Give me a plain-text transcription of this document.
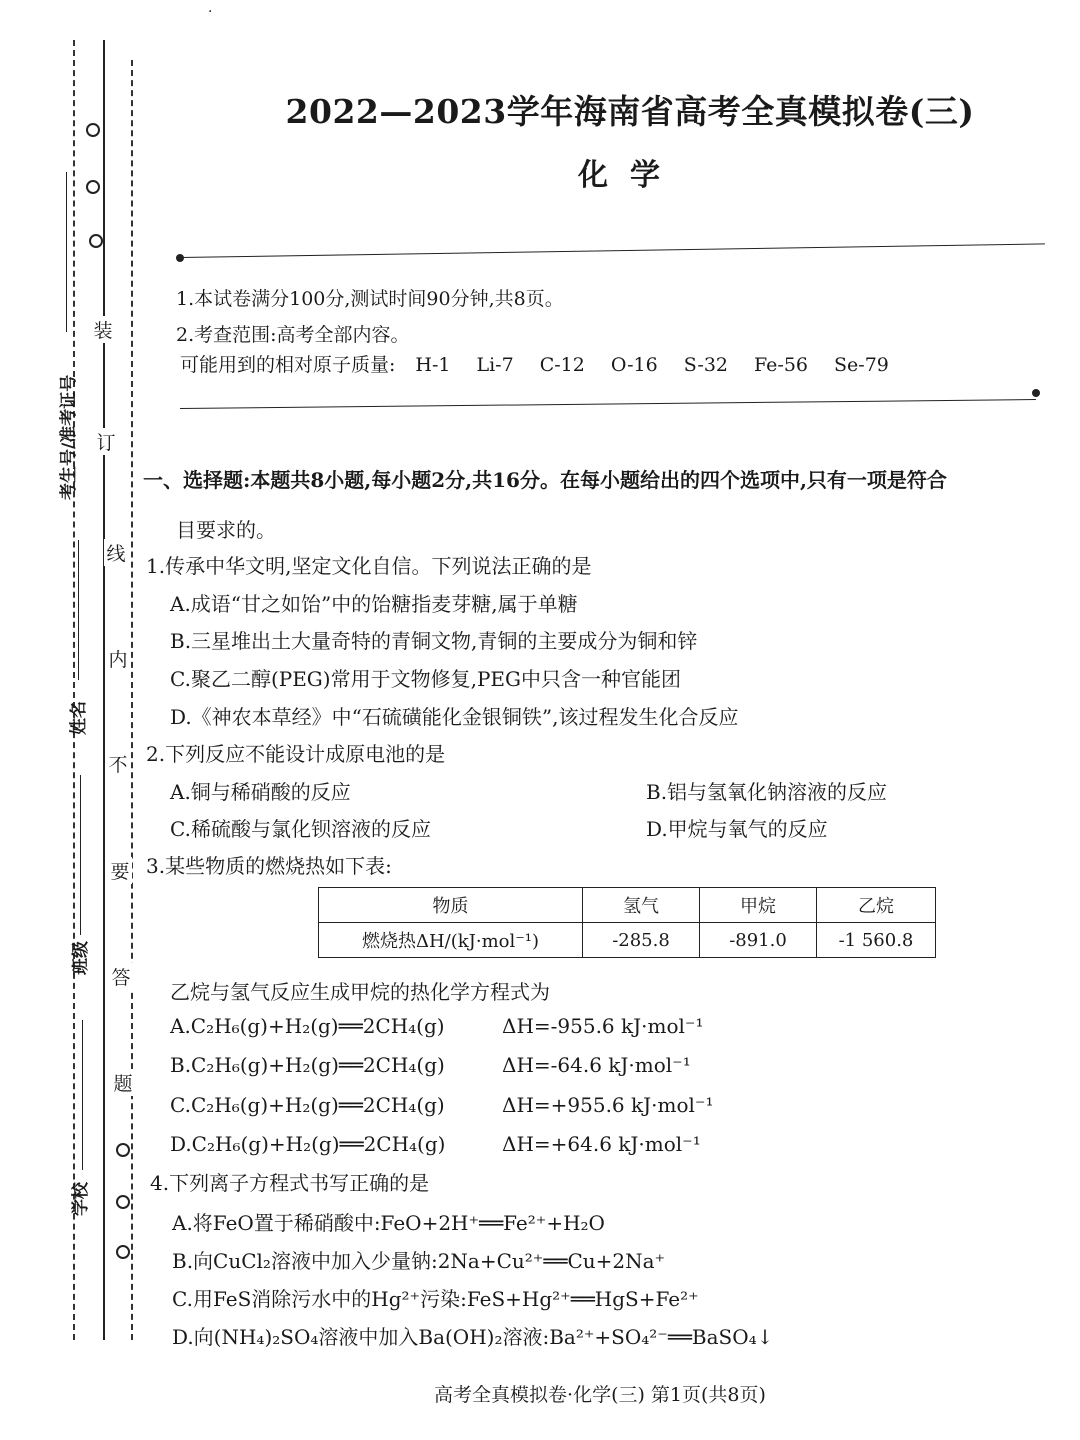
·
装
订
线
内
不
要
答
题
考生号/准考证号
姓名
班级
学校
2022—2023学年海南省高考全真模拟卷(三)
化学
1.本试卷满分100分,测试时间90分钟,共8页。
2.考查范围:高考全部内容。
可能用到的相对原子质量: H-1 Li-7 C-12 O-16 S-32 Fe-56 Se-79
一、选择题:本题共8小题,每小题2分,共16分。在每小题给出的四个选项中,只有一项是符合
目要求的。
1.传承中华文明,坚定文化自信。下列说法正确的是
A.成语“甘之如饴”中的饴糖指麦芽糖,属于单糖
B.三星堆出土大量奇特的青铜文物,青铜的主要成分为铜和锌
C.聚乙二醇(PEG)常用于文物修复,PEG中只含一种官能团
D.《神农本草经》中“石硫磺能化金银铜铁”,该过程发生化合反应
2.下列反应不能设计成原电池的是
A.铜与稀硝酸的反应	B.铝与氢氧化钠溶液的反应
C.稀硫酸与氯化钡溶液的反应	D.甲烷与氧气的反应
3.某些物质的燃烧热如下表:
物质	氢气	甲烷	乙烷
燃烧热ΔH/(kJ·mol⁻¹)	-285.8	-891.0	-1 560.8
乙烷与氢气反应生成甲烷的热化学方程式为
A.C₂H₆(g)+H₂(g)══2CH₄(g)	ΔH=-955.6 kJ·mol⁻¹
B.C₂H₆(g)+H₂(g)══2CH₄(g)	ΔH=-64.6 kJ·mol⁻¹
C.C₂H₆(g)+H₂(g)══2CH₄(g)	ΔH=+955.6 kJ·mol⁻¹
D.C₂H₆(g)+H₂(g)══2CH₄(g)	ΔH=+64.6 kJ·mol⁻¹
4.下列离子方程式书写正确的是
A.将FeO置于稀硝酸中:FeO+2H⁺══Fe²⁺+H₂O
B.向CuCl₂溶液中加入少量钠:2Na+Cu²⁺══Cu+2Na⁺
C.用FeS消除污水中的Hg²⁺污染:FeS+Hg²⁺══HgS+Fe²⁺
D.向(NH₄)₂SO₄溶液中加入Ba(OH)₂溶液:Ba²⁺+SO₄²⁻══BaSO₄↓
高考全真模拟卷·化学(三) 第1页(共8页)
